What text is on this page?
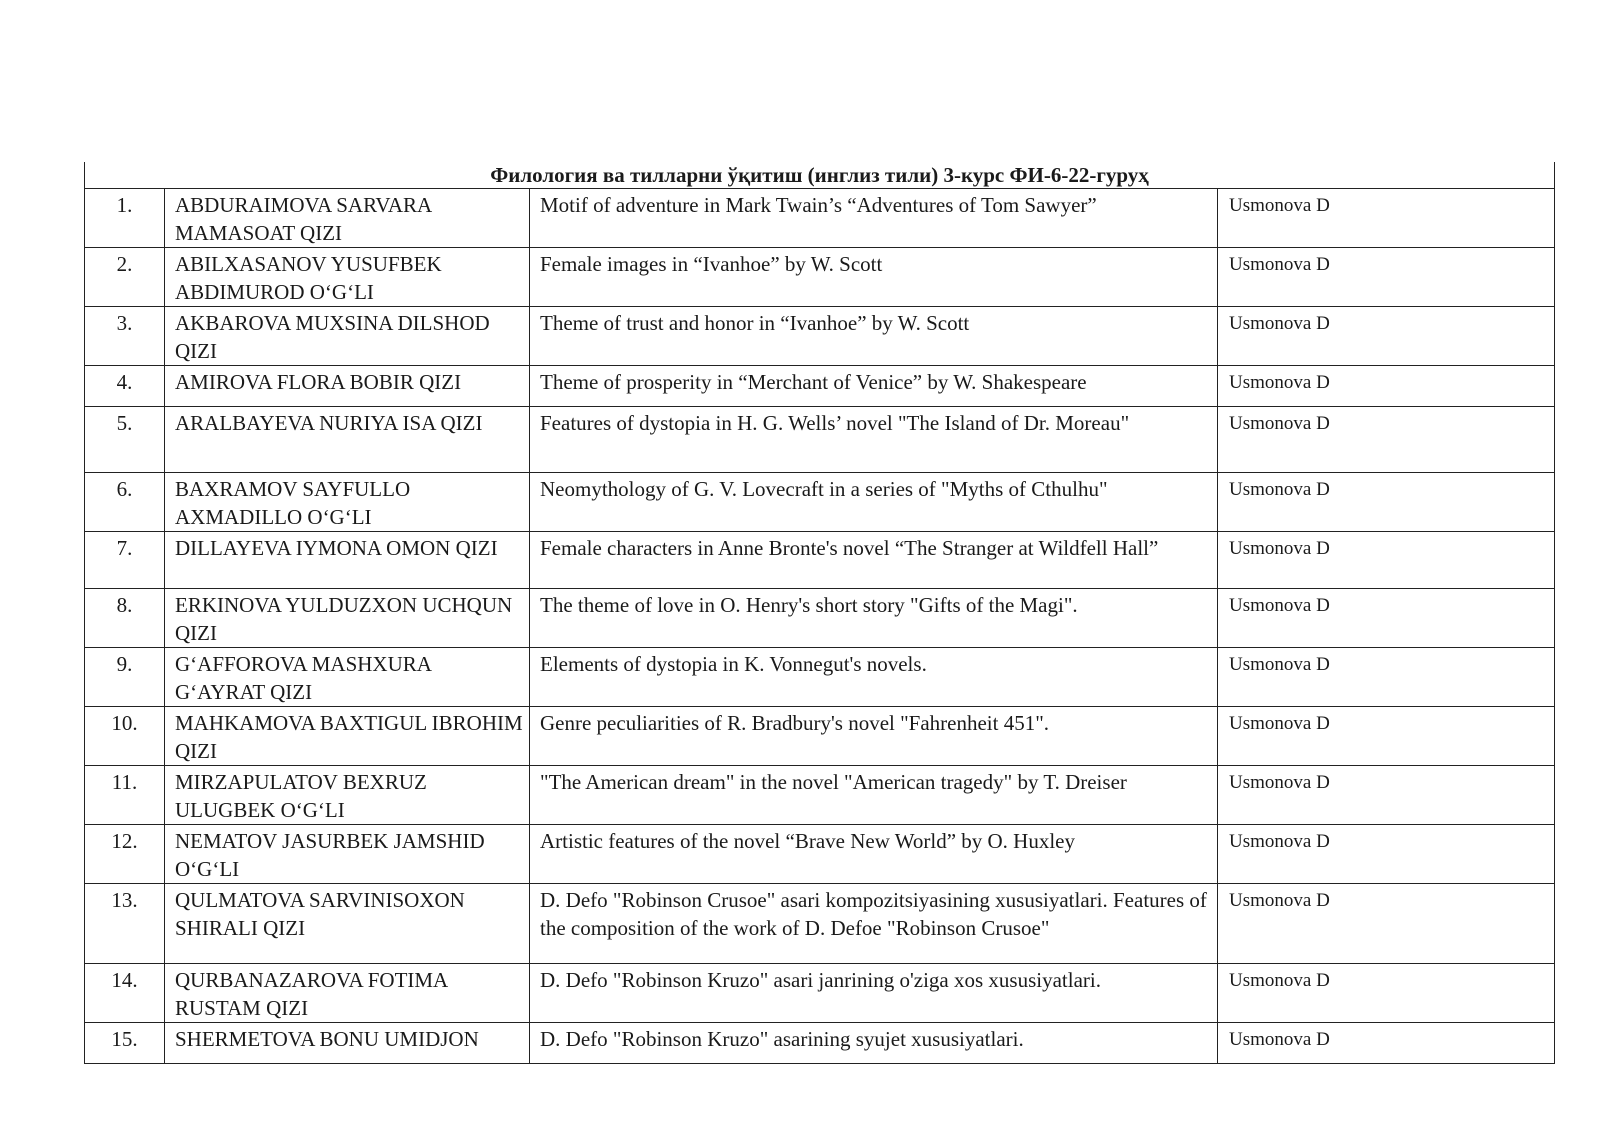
Филология ва тилларни ўқитиш (инглиз тили) 3-курс ФИ-6-22-гуруҳ			
1.	ABDURAIMOVA SARVARA MAMASOAT QIZI	Motif of adventure in Mark Twain’s “Adventures of Tom Sawyer”	Usmonova D
2.	ABILXASANOV YUSUFBEK ABDIMUROD O‘G‘LI	Female images in “Ivanhoe” by W. Scott	Usmonova D
3.	AKBAROVA MUXSINA DILSHOD QIZI	Theme of trust and honor in “Ivanhoe” by W. Scott	Usmonova D
4.	AMIROVA FLORA BOBIR QIZI	Theme of prosperity in “Merchant of Venice” by W. Shakespeare	Usmonova D
5.	ARALBAYEVA NURIYA ISA QIZI	Features of dystopia in H. G. Wells’ novel "The Island of Dr. Moreau"	Usmonova D
6.	BAXRAMOV SAYFULLO AXMADILLO O‘G‘LI	Neomythology of G. V. Lovecraft in a series of "Myths of Cthulhu"	Usmonova D
7.	DILLAYEVA IYMONA OMON QIZI	Female characters in Anne Bronte's novel “The Stranger at Wildfell Hall”	Usmonova D
8.	ERKINOVA YULDUZXON UCHQUN QIZI	The theme of love in O. Henry's short story "Gifts of the Magi".	Usmonova D
9.	G‘AFFOROVA MASHXURA G‘AYRAT QIZI	Elements of dystopia in K. Vonnegut's novels.	Usmonova D
10.	MAHKAMOVA BAXTIGUL IBROHIM QIZI	Genre peculiarities of R. Bradbury's novel "Fahrenheit 451".	Usmonova D
11.	MIRZAPULATOV BEXRUZ ULUGBEK O‘G‘LI	"The American dream" in the novel "American tragedy" by T. Dreiser	Usmonova D
12.	NEMATOV JASURBEK JAMSHID O‘G‘LI	Artistic features of the novel “Brave New World” by O. Huxley	Usmonova D
13.	QULMATOVA SARVINISOXON SHIRALI QIZI	D. Defo "Robinson Crusoe" asari kompozitsiyasining xususiyatlari. Features of the composition of the work of D. Defoe "Robinson Crusoe"	Usmonova D
14.	QURBANAZAROVA FOTIMA RUSTAM QIZI	D. Defo "Robinson Kruzo" asari janrining o'ziga xos xususiyatlari.	Usmonova D
15.	SHERMETOVA BONU UMIDJON	D. Defo "Robinson Kruzo" asarining syujet xususiyatlari.	Usmonova D
